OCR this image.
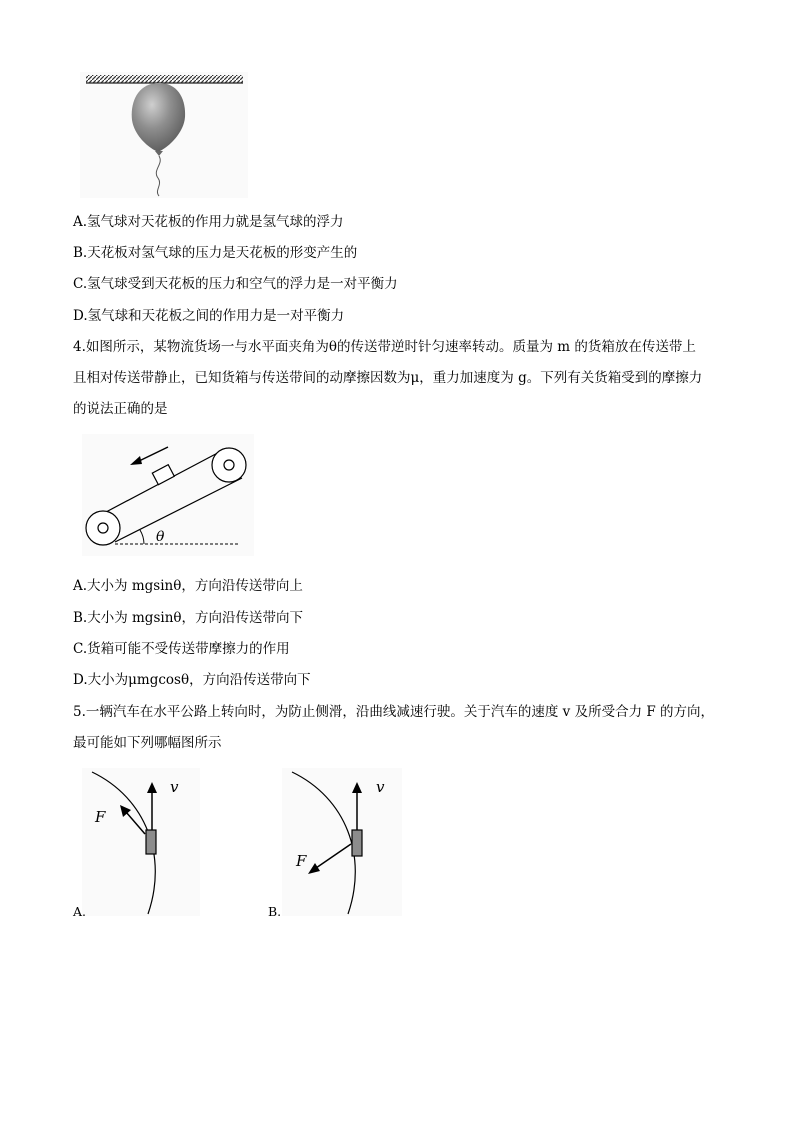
A.氢气球对天花板的作用力就是氢气球的浮力
B.天花板对氢气球的压力是天花板的形变产生的
C.氢气球受到天花板的压力和空气的浮力是一对平衡力
D.氢气球和天花板之间的作用力是一对平衡力
4.如图所示，某物流货场一与水平面夹角为θ的传送带逆时针匀速率转动。质量为 m 的货箱放在传送带上
且相对传送带静止，已知货箱与传送带间的动摩擦因数为μ，重力加速度为 g。下列有关货箱受到的摩擦力
的说法正确的是
θ
A.大小为 mgsinθ，方向沿传送带向上
B.大小为 mgsinθ，方向沿传送带向下
C.货箱可能不受传送带摩擦力的作用
D.大小为μmgcosθ，方向沿传送带向下
5.一辆汽车在水平公路上转向时，为防止侧滑，沿曲线减速行驶。关于汽车的速度 v 及所受合力 F 的方向，
最可能如下列哪幅图所示
v
F
A.
v
F
B.
